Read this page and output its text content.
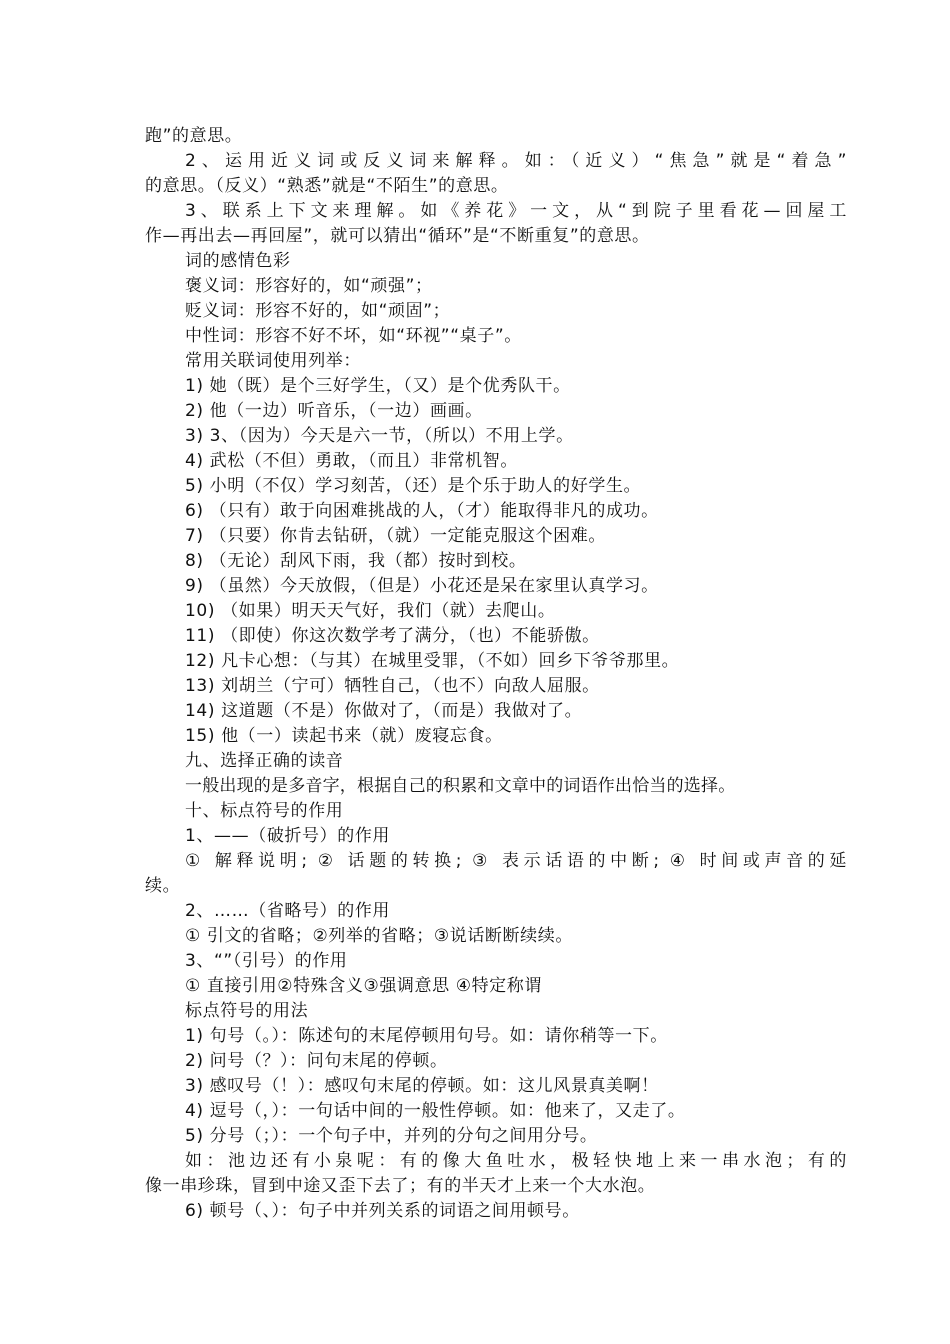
跑”的意思。
2、运用近义词或反义词来解释。如：（近义）“焦急”就是“着急”
的意思。（反义）“熟悉”就是“不陌生”的意思。
3、联系上下文来理解。如《养花》一文，从“到院子里看花—回屋工
作—再出去—再回屋”，就可以猜出“循环”是“不断重复”的意思。
词的感情色彩
褒义词：形容好的，如“顽强”；
贬义词：形容不好的，如“顽固”；
中性词：形容不好不坏，如“环视”“桌子”。
常用关联词使用列举：
1) 她（既）是个三好学生，（又）是个优秀队干。
2) 他（一边）听音乐，（一边）画画。
3) 3、（因为）今天是六一节，（所以）不用上学。
4) 武松（不但）勇敢，（而且）非常机智。
5) 小明（不仅）学习刻苦，（还）是个乐于助人的好学生。
6) （只有）敢于向困难挑战的人，（才）能取得非凡的成功。
7) （只要）你肯去钻研，（就）一定能克服这个困难。
8) （无论）刮风下雨，我（都）按时到校。
9) （虽然）今天放假，（但是）小花还是呆在家里认真学习。
10) （如果）明天天气好，我们（就）去爬山。
11) （即使）你这次数学考了满分，（也）不能骄傲。
12) 凡卡心想：（与其）在城里受罪，（不如）回乡下爷爷那里。
13) 刘胡兰（宁可）牺牲自己，（也不）向敌人屈服。
14) 这道题（不是）你做对了，（而是）我做对了。
15) 他（一）读起书来（就）废寝忘食。
九、选择正确的读音
一般出现的是多音字，根据自己的积累和文章中的词语作出恰当的选择。
十、标点符号的作用
1、——（破折号）的作用
① 解释说明; ② 话题的转换; ③ 表示话语的中断; ④ 时间或声音的延
续。
2、……（省略号）的作用
① 引文的省略；②列举的省略；③说话断断续续。
3、“”（引号）的作用
① 直接引用②特殊含义③强调意思 ④特定称谓
标点符号的用法
1) 句号（。）：陈述句的末尾停顿用句号。如：请你稍等一下。
2) 问号（？）：问句末尾的停顿。
3) 感叹号（！）：感叹句末尾的停顿。如：这儿风景真美啊！
4) 逗号（，）：一句话中间的一般性停顿。如：他来了，又走了。
5) 分号（；）：一个句子中，并列的分句之间用分号。
如：池边还有小泉呢：有的像大鱼吐水，极轻快地上来一串水泡；有的
像一串珍珠，冒到中途又歪下去了；有的半天才上来一个大水泡。
6) 顿号（、）：句子中并列关系的词语之间用顿号。
